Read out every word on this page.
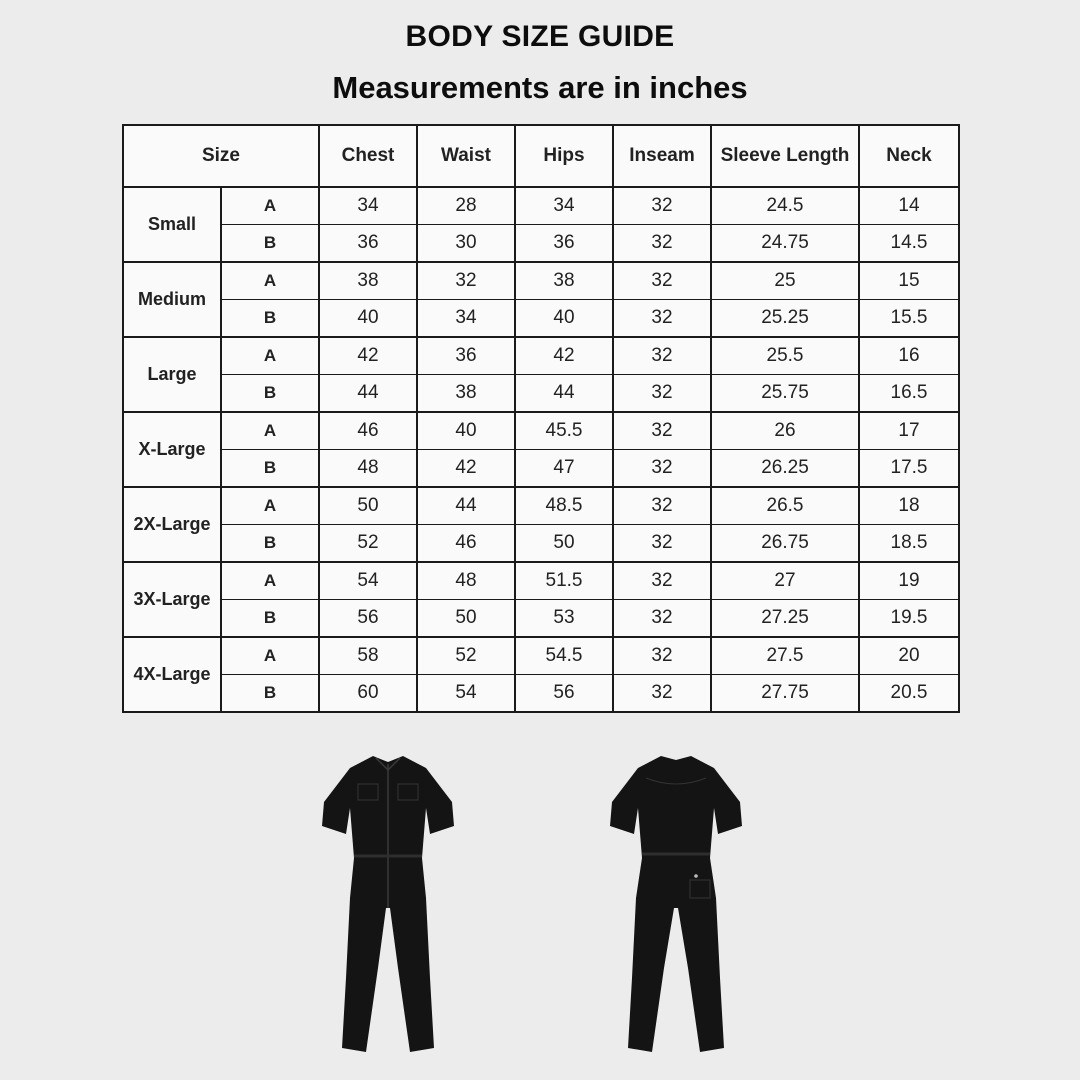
BODY SIZE GUIDE
Measurements are in inches
Size		Chest	Waist	Hips	Inseam	Sleeve Length	Neck
Small	A	34	28	34	32	24.5	14
	B	36	30	36	32	24.75	14.5
Medium	A	38	32	38	32	25	15
	B	40	34	40	32	25.25	15.5
Large	A	42	36	42	32	25.5	16
	B	44	38	44	32	25.75	16.5
X-Large	A	46	40	45.5	32	26	17
	B	48	42	47	32	26.25	17.5
2X-Large	A	50	44	48.5	32	26.5	18
	B	52	46	50	32	26.75	18.5
3X-Large	A	54	48	51.5	32	27	19
	B	56	50	53	32	27.25	19.5
4X-Large	A	58	52	54.5	32	27.5	20
	B	60	54	56	32	27.75	20.5
